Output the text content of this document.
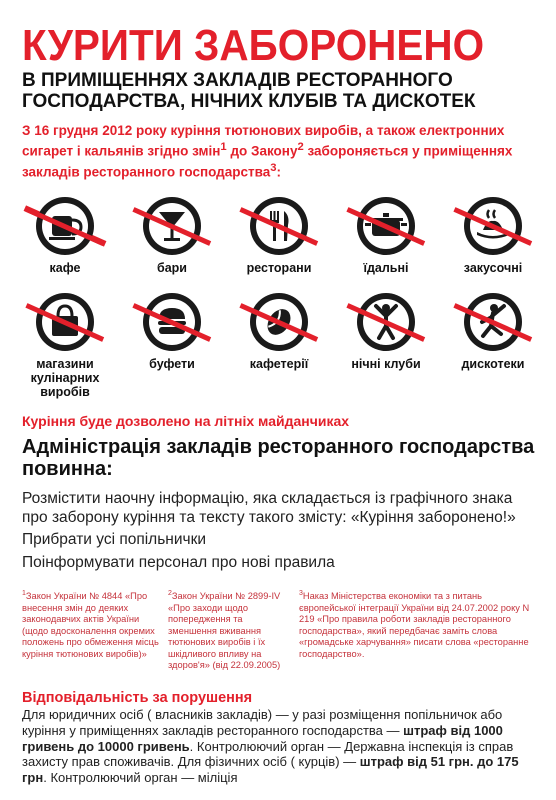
КУРИТИ ЗАБОРОНЕНО
В ПРИМІЩЕННЯХ ЗАКЛАДІВ РЕСТОРАННОГО ГОСПОДАРСТВА, НІЧНИХ КЛУБІВ ТА ДИСКОТЕК

З 16 грудня 2012 року куріння тютюнових виробів, а також електронних сигарет і кальянів згідно змін$^1$ до Закону$^2$ забороняється у приміщеннях закладів ресторанного господарства$^3$:

кафе	бари	ресторани	їдальні	закусочні
магазини кулінарних виробів
буфети	кафетерії	нічні клуби	дискотеки

Куріння буде дозволено на літніх майданчиках

Адміністрація закладів ресторанного господарства повинна:

Розмістити наочну інформацію, яка складається із графічного знака про заборону куріння та тексту такого змісту: «Куріння заборонено!»

Прибрати усі попільнички

Поінформувати персонал про нові правила

$^1$Закон України № 4844 «Про внесення змін до деяких законодавчих актів України (щодо вдосконалення окремих положень про обмеження місць куріння тютюнових виробів)»

$^2$Закон України № 2899-IV «Про заходи щодо попередження та зменшення вживання тютюнових виробів і їх шкідливого впливу на здоров'я» (від 22.09.2005)

$^3$Наказ Міністерства економіки та з питань європейської інтеграції України від 24.07.2002 року N 219 «Про правила роботи закладів ресторанного господарства», який передбачає заміть слова «громадське харчування» писати слова «ресторанне господарство».

Відповідальність за порушення

Для юридичних осіб ( власників закладів) — у разі розміщення попільничок або куріння у приміщеннях закладів ресторанного господарства — штраф від 1000 гривень до 10000 гривень. Контролюючий орган — Державна інспекція із справ захисту прав споживачів. Для фізичних осіб ( курців) — штраф від 51 грн. до 175 грн. Контролюючий орган — міліція
